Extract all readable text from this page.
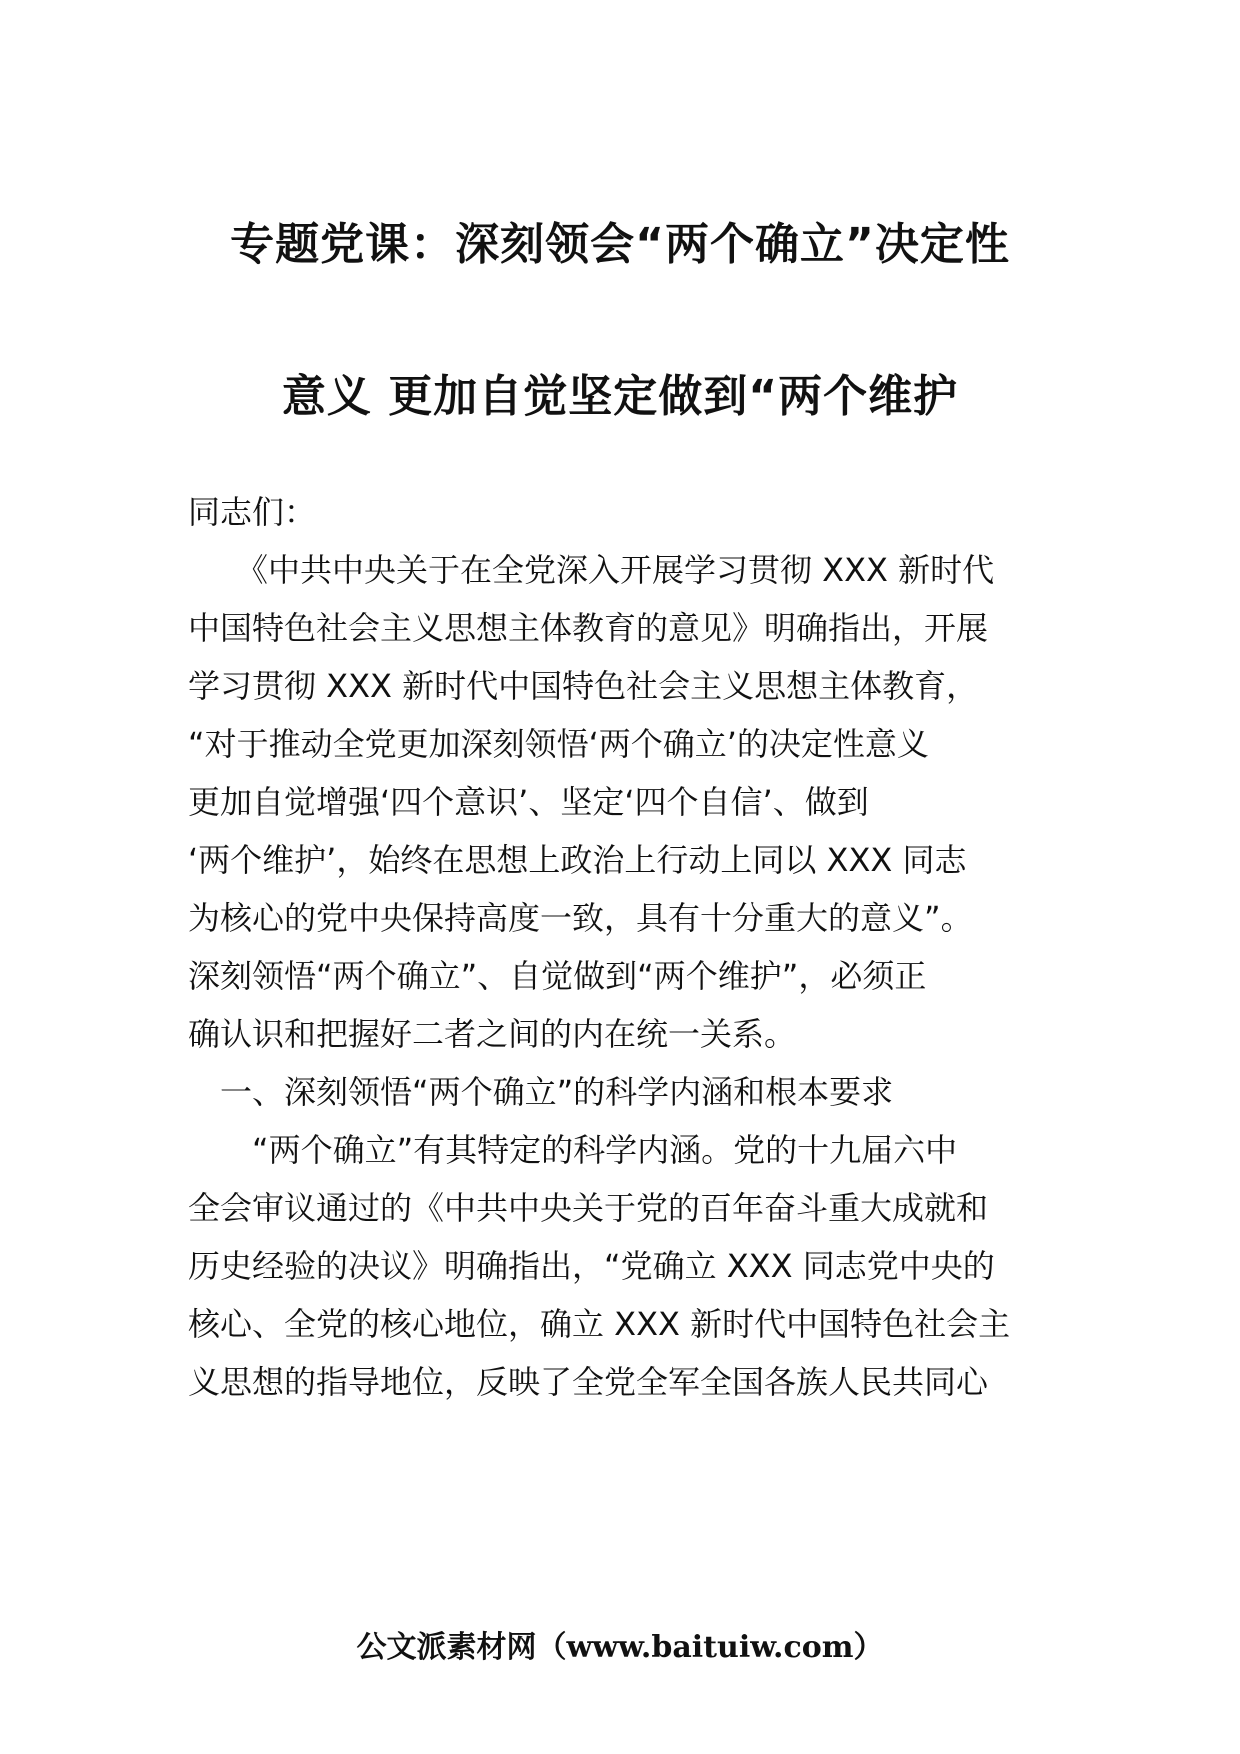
专题党课：深刻领会“两个确立”决定性
意义 更加自觉坚定做到“两个维护
同志们：
　　《中共中央关于在全党深入开展学习贯彻 XXX 新时代
中国特色社会主义思想主体教育的意见》明确指出，开展
学习贯彻 XXX 新时代中国特色社会主义思想主体教育，
“对于推动全党更加深刻领悟‘两个确立’的决定性意义
更加自觉增强‘四个意识’、坚定‘四个自信’、做到
‘两个维护’，始终在思想上政治上行动上同以 XXX 同志
为核心的党中央保持高度一致，具有十分重大的意义”。
深刻领悟“两个确立”、自觉做到“两个维护”，必须正
确认识和把握好二者之间的内在统一关系。
　一、深刻领悟“两个确立”的科学内涵和根本要求
　　“两个确立”有其特定的科学内涵。党的十九届六中
全会审议通过的《中共中央关于党的百年奋斗重大成就和
历史经验的决议》明确指出，“党确立 XXX 同志党中央的
核心、全党的核心地位，确立 XXX 新时代中国特色社会主
义思想的指导地位，反映了全党全军全国各族人民共同心
公文派素材网（www.baituiw.com）
